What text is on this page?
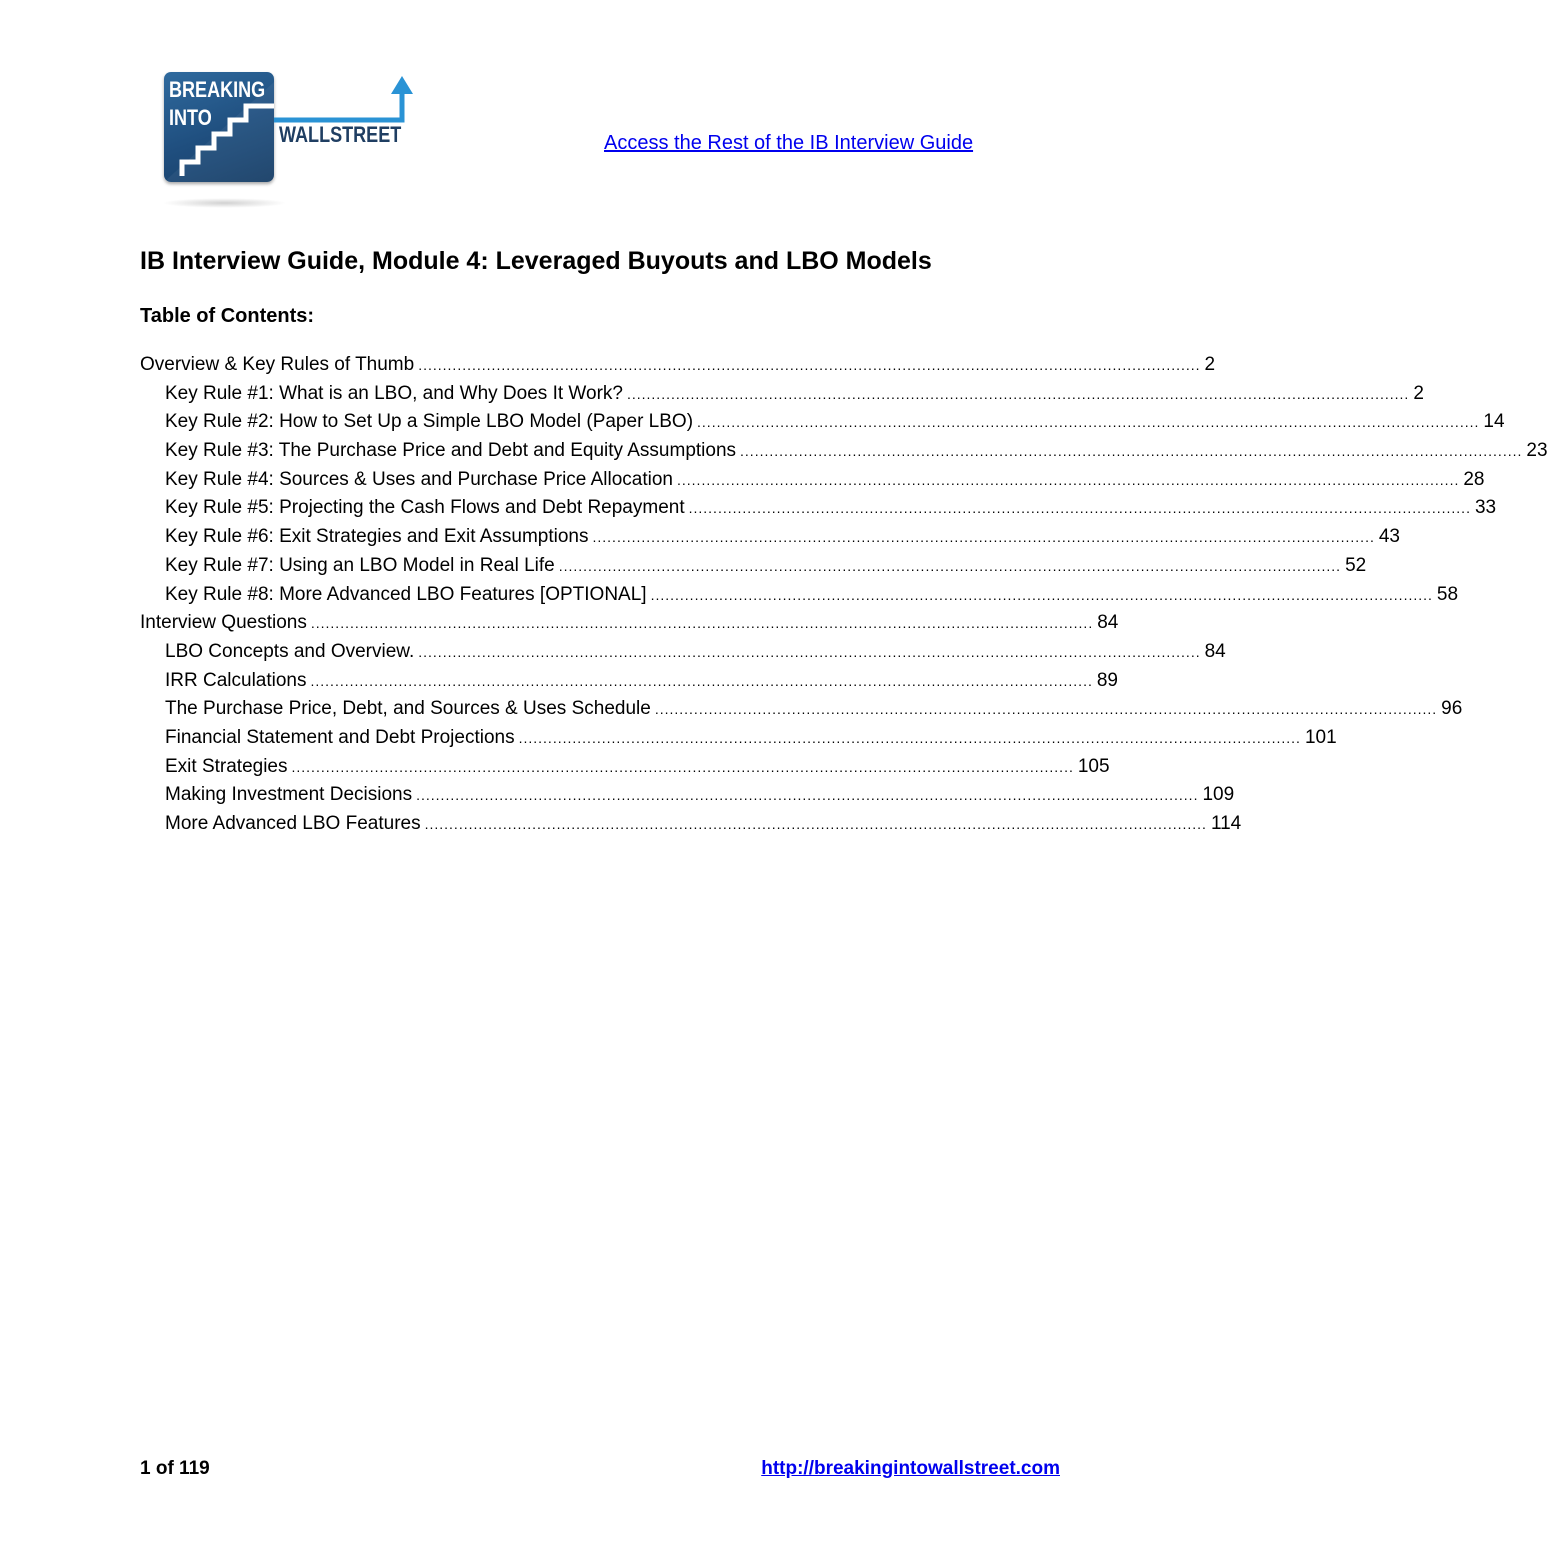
BREAKING
INTO
WALLSTREET	Access the Rest of the IB Interview Guide
IB Interview Guide, Module 4: Leveraged Buyouts and LBO Models
Table of Contents:
Overview & Key Rules of Thumb ................................................................................................................................................................ 2
Key Rule #1: What is an LBO, and Why Does It Work? ................................................................................................................................................................ 2
Key Rule #2: How to Set Up a Simple LBO Model (Paper LBO) ................................................................................................................................................................ 14
Key Rule #3: The Purchase Price and Debt and Equity Assumptions ................................................................................................................................................................ 23
Key Rule #4: Sources & Uses and Purchase Price Allocation ................................................................................................................................................................ 28
Key Rule #5: Projecting the Cash Flows and Debt Repayment ................................................................................................................................................................ 33
Key Rule #6: Exit Strategies and Exit Assumptions ................................................................................................................................................................ 43
Key Rule #7: Using an LBO Model in Real Life ................................................................................................................................................................ 52
Key Rule #8: More Advanced LBO Features [OPTIONAL] ................................................................................................................................................................ 58
Interview Questions ................................................................................................................................................................ 84
LBO Concepts and Overview. ................................................................................................................................................................ 84
IRR Calculations ................................................................................................................................................................ 89
The Purchase Price, Debt, and Sources & Uses Schedule ................................................................................................................................................................ 96
Financial Statement and Debt Projections ................................................................................................................................................................ 101
Exit Strategies ................................................................................................................................................................ 105
Making Investment Decisions ................................................................................................................................................................ 109
More Advanced LBO Features ................................................................................................................................................................ 114
1 of 119	http://breakingintowallstreet.com
